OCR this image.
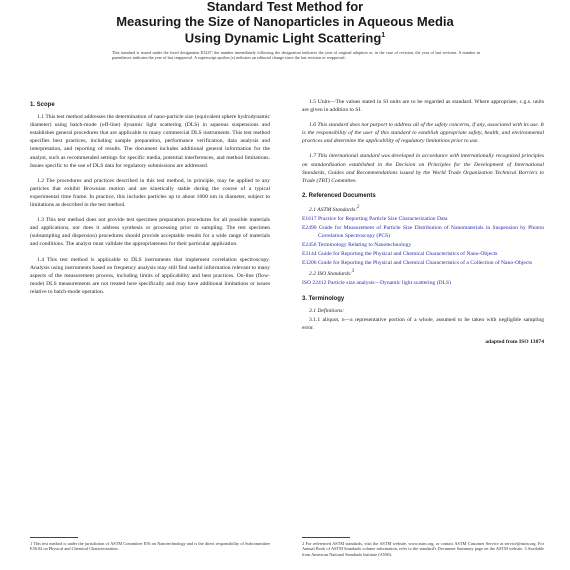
Standard Test Method for
Measuring the Size of Nanoparticles in Aqueous Media
Using Dynamic Light Scattering$^1$
This standard is issued under the fixed designation E3247; the number immediately following the designation indicates the year of original adoption or, in the case of revision, the year of last revision. A number in parentheses indicates the year of last reapproval. A superscript epsilon (ε) indicates an editorial change since the last revision or reapproval.
1. Scope
1.1 This test method addresses the determination of nano-particle size (equivalent sphere hydrodynamic diameter) using batch-mode (off-line) dynamic light scattering (DLS) in aqueous suspensions and establishes general procedures that are applicable to many commercial DLS instruments. This test method specifies best practices, including sample preparation, performance verification, data analysis and interpretation, and reporting of results. The document includes additional general information for the analyst, such as recommended settings for specific media, potential interferences, and method limitations. Issues specific to the use of DLS data for regulatory submissions are addressed.
1.2 The procedures and practices described in this test method, in principle, may be applied to any particles that exhibit Brownian motion and are kinetically stable during the course of a typical experimental time frame. In practice, this includes particles up to about 1000 nm in diameter, subject to limitations as described in the test method.
1.3 This test method does not provide test specimen preparation procedures for all possible materials and applications, nor does it address synthesis or processing prior to sampling. The test specimen (subsampling and dispersion) procedures should provide acceptable results for a wide range of materials and conditions. The analyst must validate the appropriateness for their particular application.
1.4 This test method is applicable to DLS instruments that implement correlation spectroscopy. Analysis using instruments based on frequency analysis may still find useful information relevant to many aspects of the measurement process, including limits of applicability and best practices. On-line (flow-mode) DLS measurements are not treated here specifically and may have additional limitations or issues relative to batch-mode operation.
1.5 Units—The values stated in SI units are to be regarded as standard. Where appropriate, c.g.s. units are given in addition to SI.
1.6 This standard does not purport to address all of the safety concerns, if any, associated with its use. It is the responsibility of the user of this standard to establish appropriate safety, health, and environmental practices and determine the applicability of regulatory limitations prior to use.
1.7 This international standard was developed in accordance with internationally recognized principles on standardization established in the Decision on Principles for the Development of International Standards, Guides and Recommendations issued by the World Trade Organization Technical Barriers to Trade (TBT) Committee.
2. Referenced Documents
2.1 ASTM Standards:$^2$
E1617 Practice for Reporting Particle Size Characterization Data
E2490 Guide for Measurement of Particle Size Distribution of Nanomaterials in Suspension by Photon Correlation Spectroscopy (PCS)
E2456 Terminology Relating to Nanotechnology
E3144 Guide for Reporting the Physical and Chemical Characteristics of Nano-Objects
E3206 Guide for Reporting the Physical and Chemical Characteristics of a Collection of Nano-Objects
2.2 ISO Standards:$^3$
ISO 22412 Particle size analysis—Dynamic light scattering (DLS)
3. Terminology
3.1 Definitions:
3.1.1 aliquot, n—a representative portion of a whole, assumed to be taken with negligible sampling error.
adapted from ISO 13874
1 This test method is under the jurisdiction of ASTM Committee E56 on Nanotechnology and is the direct responsibility of Subcommittee E56.02 on Physical and Chemical Characterization.
2 For referenced ASTM standards, visit the ASTM website, www.astm.org, or contact ASTM Customer Service at service@astm.org. For Annual Book of ASTM Standards volume information, refer to the standard's Document Summary page on the ASTM website. 3 Available from American National Standards Institute (ANSI).
